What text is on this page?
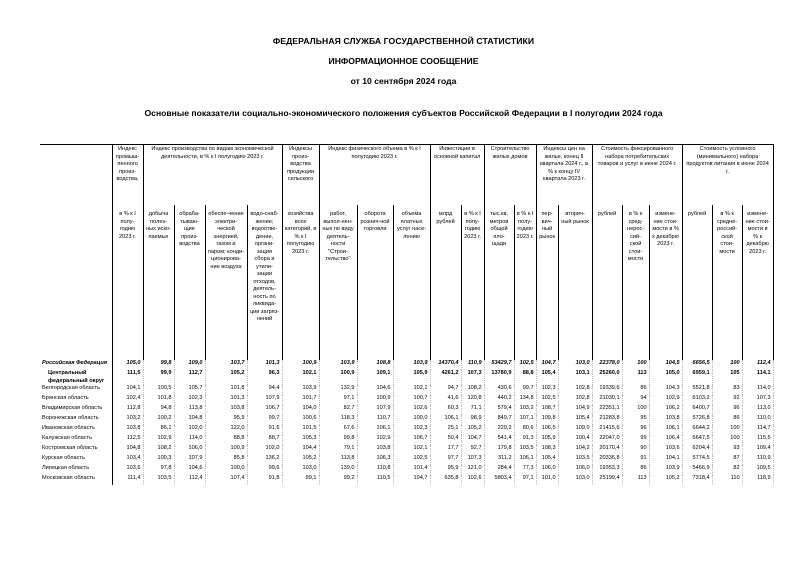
ФЕДЕРАЛЬНАЯ СЛУЖБА ГОСУДАРСТВЕННОЙ СТАТИСТИКИ
ИНФОРМАЦИОННОЕ СООБЩЕНИЕ
от 10 сентября 2024 года
Основные показатели социально-экономического положения субъектов Российской Федерации в I полугодии 2024 года
	Индекс промыш-ленного произ-водства,	Индекс производства по видам экономической деятельности, в % к I полугодию 2023 г.				Индексы произ-водства продукции сельского	Индекс физического объема в % к I полугодию 2023 г.			Инвестиции в основной капитал		Строительство жилых домов		Индексы цен на жилье, конец II квартала 2024 г., в % к концу IV квартала 2023 г.		Стоимость фиксированного набора потребительских товаров и услуг в июне 2024 г.			Стоимость условного (минимального) набора продуктов питания в июне 2024 г.		
	в % к I полу-годию 2023 г.	добыча полез-ных иско-паемых	обраба-тываю-щие произ-водства	обеспе-чение электри-ческой энергией, газом и паром; конди-ционирова-ние воздуха	водо-снаб-жение; водоотве-дение, органи-зация сбора и утили-зации отходов, деятель-ность по ликвида-ции загряз-нений	хозяйства всех категорий, в % к I полугодию 2023 г.	работ, выпол-нен-ных по виду деятель-ности "Строи-тельство"	оборота рознич-ной торговли	объема платных услуг насе-лению	млрд рублей	в % к I полу-годию 2023 г.	тыс.кв. метров общей пло-щади	в % к I полу-годию 2023 г.	пер-вич-ный рынок	вторич-ный рынок	рублей	в % к сред-нерос-сий-ской стои-мости	измене-ние стои-мости в % к декабрю 2023 г.	рублей	в % к средне-россий-ской стои-мости	измене-ние стои-мости в % к декабрю 2023 г.
Российская Федерация	105,0	99,8	109,0	103,7	101,3	100,9	103,9	108,8	103,9	14370,4	110,9	53429,7	102,5	104,7	103,0	22378,0	100	104,5	6656,5	100	112,4
Центральный федеральный округ	111,5	99,9	112,7	105,2	96,3	102,1	100,9	109,1	105,9	4261,2	107,3	13780,9	88,8	105,4	103,1	25260,0	113	105,0	6959,1	105	114,1
Белгородская область	104,1	100,5	105,7	101,8	94,4	103,9	132,9	104,6	102,1	94,7	108,2	430,6	99,7	102,3	102,8	19339,6	86	104,3	5521,8	83	114,0
Брянская область	102,4	101,8	102,3	101,3	107,9	101,7	97,1	100,9	100,7	41,6	120,8	440,2	134,8	102,5	102,8	21030,1	94	102,9	6103,2	92	107,3
Владимирская область	112,8	94,8	113,8	103,8	106,7	104,0	82,7	107,9	102,6	60,3	71,1	579,4	103,2	108,7	104,9	22351,1	100	106,2	6400,7	96	113,0
Воронежская область	103,2	100,2	104,8	95,9	99,7	100,6	118,3	110,7	100,0	106,1	98,9	849,7	107,1	109,8	105,4	21283,8	95	103,8	5726,8	86	110,0
Ивановская область	103,8	86,1	102,0	122,0	91,6	101,5	67,6	106,1	102,3	25,1	105,2	229,2	80,6	106,5	109,0	21415,6	96	106,1	6644,2	100	114,7
Калужская область	112,5	102,9	114,0	88,8	88,7	105,3	99,8	102,9	106,7	50,4	104,7	541,4	91,3	105,9	100,4	22047,0	99	106,4	6647,5	100	115,5
Костромская область	104,8	108,2	106,0	100,9	102,0	104,4	79,1	103,8	102,1	17,7	92,7	179,8	103,5	108,3	104,2	20170,4	90	103,6	6204,4	93	109,4
Курская область	103,4	100,3	107,9	85,8	136,2	105,2	113,8	106,3	102,5	97,7	107,3	311,2	106,1	105,4	103,5	20336,8	91	104,1	5774,5	87	110,9
Липецкая область	103,6	97,8	104,6	100,0	99,6	103,0	139,0	110,8	101,4	95,9	121,0	284,4	77,3	106,0	106,0	19353,3	86	103,9	5466,9	82	109,5
Московская область	111,4	103,5	112,4	107,4	91,8	99,1	99,2	110,5	104,7	635,8	102,6	5803,4	97,1	101,0	103,0	25199,4	113	105,2	7318,4	110	118,9
